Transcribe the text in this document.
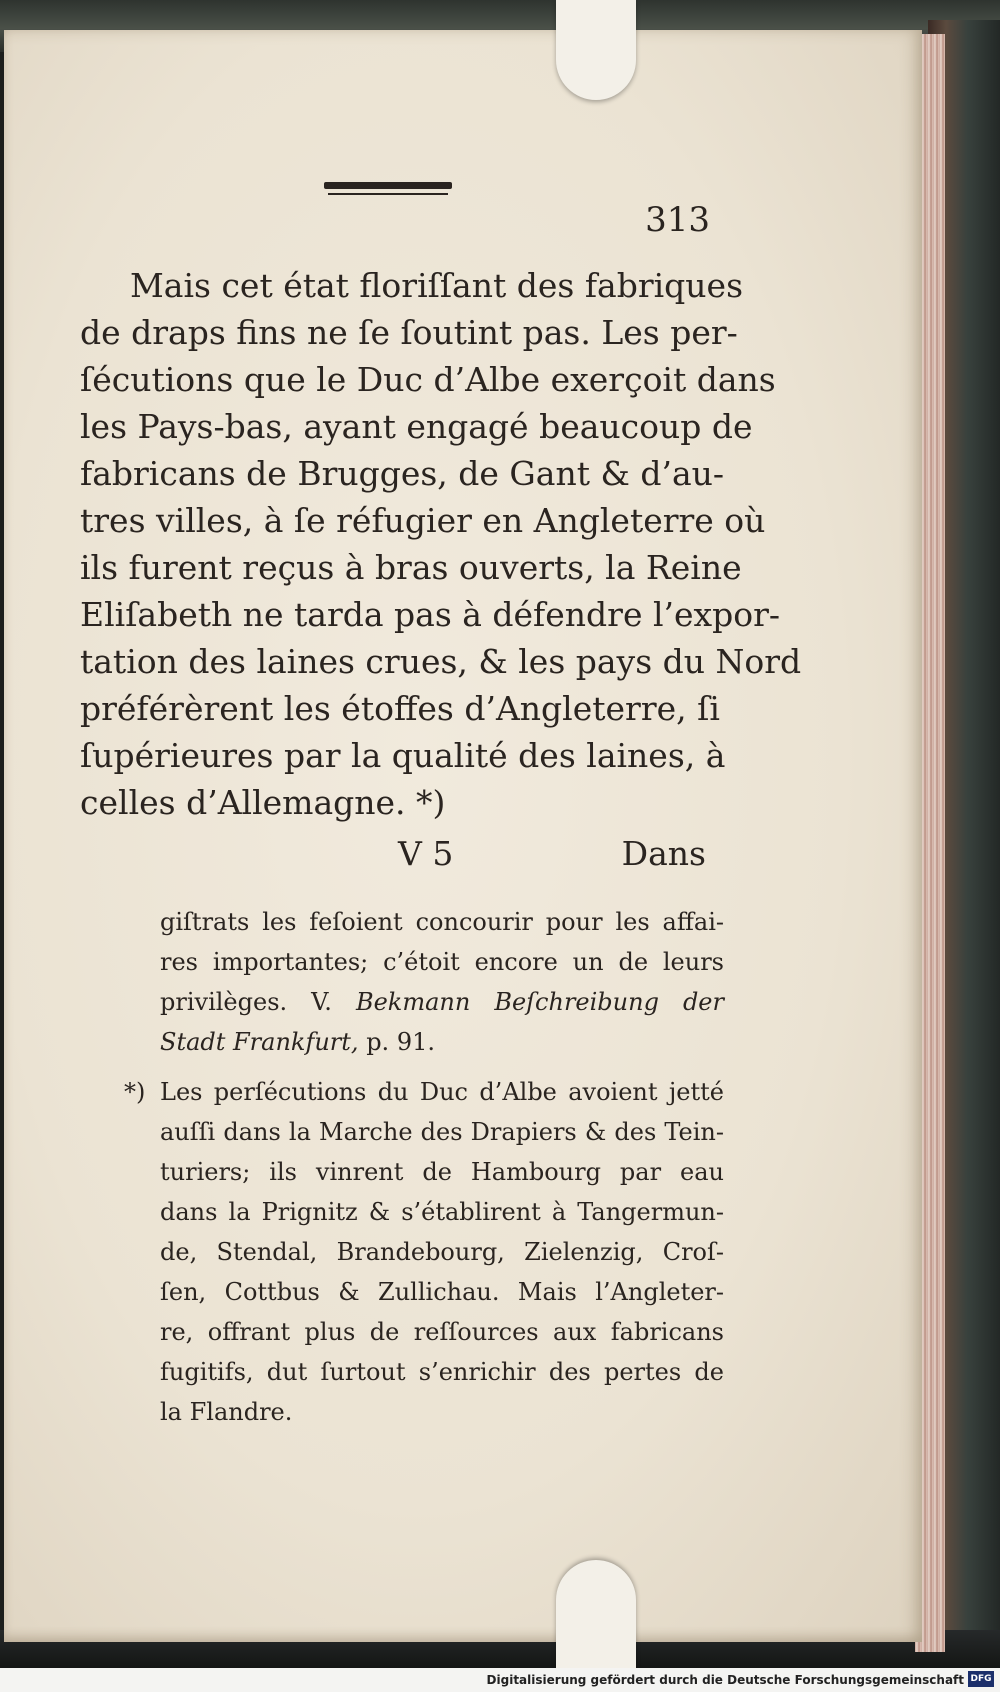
313
Mais cet état floriſſant des fabriques
de draps fins ne ſe ſoutint pas. Les per-
ſécutions que le Duc d’Albe exerçoit dans
les Pays-bas, ayant engagé beaucoup de
fabricans de Brugges, de Gant & d’au-
tres villes, à ſe réfugier en Angleterre où
ils furent reçus à bras ouverts, la Reine
Eliſabeth ne tarda pas à défendre l’expor-
tation des laines crues, & les pays du Nord
préférèrent les étoffes d’Angleterre, ſi
ſupérieures par la qualité des laines, à
celles d’Allemagne. *)
V 5	Dans
giſtrats les feſoient concourir pour les affai-
res importantes; c’étoit encore un de leurs
privilèges. V. Bekmann Beſchreibung der
Stadt Frankfurt, p. 91.
*) Les perſécutions du Duc d’Albe avoient jetté
auſſi dans la Marche des Drapiers & des Tein-
turiers; ils vinrent de Hambourg par eau
dans la Prignitz & s’établirent à Tangermun-
de, Stendal, Brandebourg, Zielenzig, Croſ-
ſen, Cottbus & Zullichau. Mais l’Angleter-
re, offrant plus de reſſources aux fabricans
fugitifs, dut ſurtout s’enrichir des pertes de
la Flandre.
Digitalisierung gefördert durch die Deutsche Forschungsgemeinschaft DFG
